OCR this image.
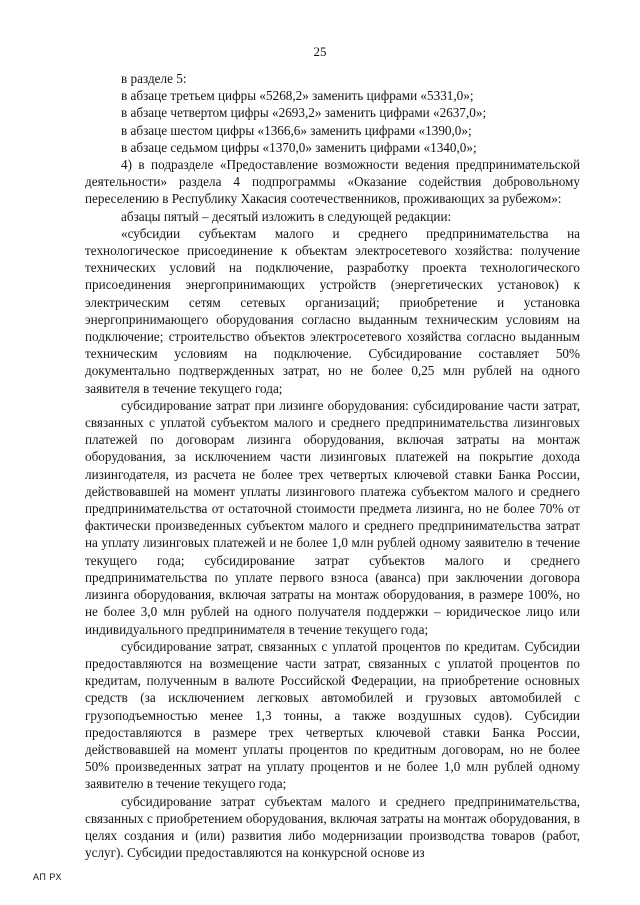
25

в разделе 5:

в абзаце третьем цифры «5268,2» заменить цифрами «5331,0»;

в абзаце четвертом цифры «2693,2» заменить цифрами «2637,0»;

в абзаце шестом цифры «1366,6» заменить цифрами «1390,0»;

в абзаце седьмом цифры «1370,0» заменить цифрами «1340,0»;

4) в подразделе «Предоставление возможности ведения предпринимательской деятельности» раздела 4 подпрограммы «Оказание содействия добровольному переселению в Республику Хакасия соотечественников, проживающих за рубежом»:

абзацы пятый – десятый изложить в следующей редакции:

«субсидии субъектам малого и среднего предпринимательства на технологическое присоединение к объектам электросетевого хозяйства: получение технических условий на подключение, разработку проекта технологического присоединения энергопринимающих устройств (энергетических установок) к электрическим сетям сетевых организаций; приобретение и установка энергопринимающего оборудования согласно выданным техническим условиям на подключение; строительство объектов электросетевого хозяйства согласно выданным техническим условиям на подключение. Субсидирование составляет 50% документально подтвержденных затрат, но не более 0,25 млн рублей на одного заявителя в течение текущего года;

субсидирование затрат при лизинге оборудования: субсидирование части затрат, связанных с уплатой субъектом малого и среднего предпринимательства лизинговых платежей по договорам лизинга оборудования, включая затраты на монтаж оборудования, за исключением части лизинговых платежей на покрытие дохода лизингодателя, из расчета не более трех четвертых ключевой ставки Банка России, действовавшей на момент уплаты лизингового платежа субъектом малого и среднего предпринимательства от остаточной стоимости предмета лизинга, но не более 70% от фактически произведенных субъектом малого и среднего предпринимательства затрат на уплату лизинговых платежей и не более 1,0 млн рублей одному заявителю в течение текущего года; субсидирование затрат субъектов малого и среднего предпринимательства по уплате первого взноса (аванса) при заключении договора лизинга оборудования, включая затраты на монтаж оборудования, в размере 100%, но не более 3,0 млн рублей на одного получателя поддержки – юридическое лицо или индивидуального предпринимателя в течение текущего года;

субсидирование затрат, связанных с уплатой процентов по кредитам. Субсидии предоставляются на возмещение части затрат, связанных с уплатой процентов по кредитам, полученным в валюте Российской Федерации, на приобретение основных средств (за исключением легковых автомобилей и грузовых автомобилей с грузоподъемностью менее 1,3 тонны, а также воздушных судов). Субсидии предоставляются в размере трех четвертых ключевой ставки Банка России, действовавшей на момент уплаты процентов по кредитным договорам, но не более 50% произведенных затрат на уплату процентов и не более 1,0 млн рублей одному заявителю в течение текущего года;

субсидирование затрат субъектам малого и среднего предпринимательства, связанных с приобретением оборудования, включая затраты на монтаж оборудования, в целях создания и (или) развития либо модернизации производства товаров (работ, услуг). Субсидии предоставляются на конкурсной основе из

АП РХ
